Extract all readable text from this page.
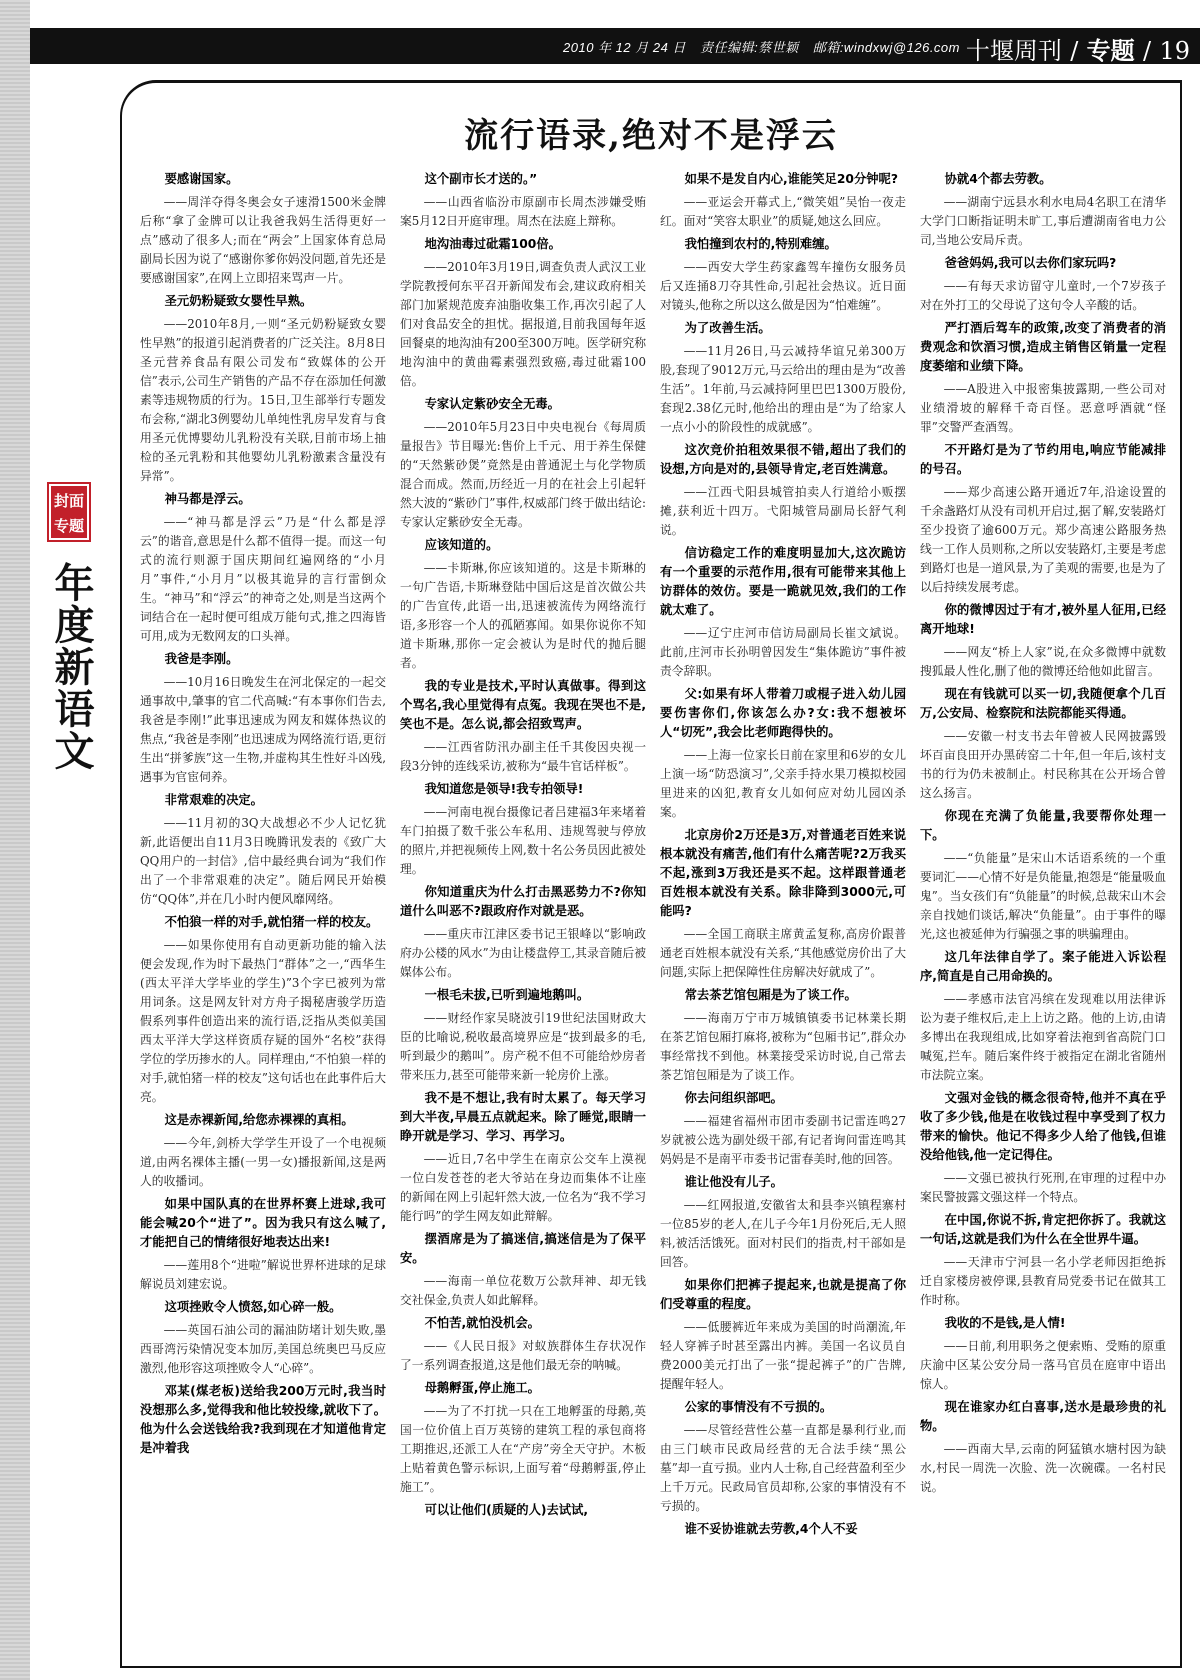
2010 年 12 月 24 日 责任编辑:蔡世颖 邮箱:windxwj@126.com 十堰周刊 / 专题 / 19
封面
专题
年度新语文
流行语录,绝对不是浮云

要感谢国家。

——周洋夺得冬奥会女子速滑1500米金牌后称“拿了金牌可以让我爸我妈生活得更好一点”感动了很多人;而在“两会”上国家体育总局副局长因为说了“感谢你爹你妈没问题,首先还是要感谢国家”,在网上立即招来骂声一片。

圣元奶粉疑致女婴性早熟。

——2010年8月,一则“圣元奶粉疑致女婴性早熟”的报道引起消费者的广泛关注。8月8日圣元营养食品有限公司发布“致媒体的公开信”表示,公司生产销售的产品不存在添加任何激素等违规物质的行为。15日,卫生部举行专题发布会称,“湖北3例婴幼儿单纯性乳房早发育与食用圣元优博婴幼儿乳粉没有关联,目前市场上抽检的圣元乳粉和其他婴幼儿乳粉激素含量没有异常”。

神马都是浮云。

——“神马都是浮云”乃是“什么都是浮云”的谐音,意思是什么都不值得一提。而这一句式的流行则源于国庆期间红遍网络的“小月月”事件,“小月月”以极其诡异的言行雷倒众生。“神马”和“浮云”的神奇之处,则是当这两个词结合在一起时便可组成万能句式,推之四海皆可用,成为无数网友的口头禅。

我爸是李刚。

——10月16日晚发生在河北保定的一起交通事故中,肇事的官二代高喊:“有本事你们告去,我爸是李刚!”此事迅速成为网友和媒体热议的焦点,“我爸是李刚”也迅速成为网络流行语,更衍生出“拼爹族”这一生物,并虚构其生性好斗凶残,遇事为官宦伺养。

非常艰难的决定。

——11月初的3Q大战想必不少人记忆犹新,此语便出自11月3日晚腾讯发表的《致广大QQ用户的一封信》,信中最经典台词为“我们作出了一个非常艰难的决定”。随后网民开始模仿“QQ体”,并在几小时内便风靡网络。

不怕狼一样的对手,就怕猪一样的校友。

——如果你使用有自动更新功能的输入法便会发现,作为时下最热门“群体”之一,“西华生(西太平洋大学毕业的学生)”3个字已被列为常用词条。这是网友针对方舟子揭秘唐骏学历造假系列事件创造出来的流行语,泛指从类似美国西太平洋大学这样资质存疑的国外“名校”获得学位的学历掺水的人。同样理由,“不怕狼一样的对手,就怕猪一样的校友”这句话也在此事件后大亮。

这是赤裸新闻,给您赤裸裸的真相。

——今年,剑桥大学学生开设了一个电视频道,由两名裸体主播(一男一女)播报新闻,这是两人的收播词。

如果中国队真的在世界杯赛上进球,我可能会喊20个“进了”。因为我只有这么喊了,才能把自己的情绪很好地表达出来!

——莲用8个“进啦”解说世界杯进球的足球解说员刘建宏说。

这项挫败令人愤怒,如心碎一般。

——英国石油公司的漏油防堵计划失败,墨西哥湾污染情况变本加厉,美国总统奥巴马反应激烈,他形容这项挫败令人“心碎”。

邓某(煤老板)送给我200万元时,我当时没想那么多,觉得我和他比较投缘,就收下了。他为什么会送钱给我?我到现在才知道他肯定是冲着我

这个副市长才送的。”

——山西省临汾市原副市长周杰涉嫌受贿案5月12日开庭审理。周杰在法庭上辩称。

地沟油毒过砒霜100倍。

——2010年3月19日,调查负责人武汉工业学院教授何东平召开新闻发布会,建议政府相关部门加紧规范废弃油脂收集工作,再次引起了人们对食品安全的担忧。据报道,目前我国每年返回餐桌的地沟油有200至300万吨。医学研究称地沟油中的黄曲霉素强烈致癌,毒过砒霜100倍。

专家认定紫砂安全无毒。

——2010年5月23日中央电视台《每周质量报告》节目曝光:售价上千元、用于养生保健的“天然紫砂煲”竟然是由普通泥土与化学物质混合而成。然而,历经近一月的在社会上引起轩然大波的“紫砂门”事件,权威部门终于做出结论:专家认定紫砂安全无毒。

应该知道的。

——卡斯琳,你应该知道的。这是卡斯琳的一句广告语,卡斯琳登陆中国后这是首次做公共的广告宣传,此语一出,迅速被流传为网络流行语,多形容一个人的孤陋寡闻。如果你说你不知道卡斯琳,那你一定会被认为是时代的抛后腿者。

我的专业是技术,平时认真做事。得到这个骂名,我心里觉得有点冤。我现在哭也不是,笑也不是。怎么说,都会招致骂声。

——江西省防汛办副主任千其俊因央视一段3分钟的连线采访,被称为“最牛官话样板”。

我知道您是领导!我专拍领导!

——河南电视台摄像记者吕建福3年来堵着车门拍摄了数千张公车私用、违规驾驶与停放的照片,并把视频传上网,数十名公务员因此被处理。

你知道重庆为什么打击黑恶势力不?你知道什么叫恶不?跟政府作对就是恶。

——重庆市江津区委书记王银峰以“影响政府办公楼的风水”为由让楼盘停工,其录音随后被媒体公布。

一根毛未拔,已听到遍地鹅叫。

——财经作家吴晓波引19世纪法国财政大臣的比喻说,税收最高境界应是“拔到最多的毛,听到最少的鹅叫”。房产税不但不可能给炒房者带来压力,甚至可能带来新一轮房价上涨。

我不是不想让,我有时太累了。每天学习到大半夜,早晨五点就起来。除了睡觉,眼睛一睁开就是学习、学习、再学习。

——近日,7名中学生在南京公交车上漠视一位白发苍苍的老大爷站在身边而集体不让座的新闻在网上引起轩然大波,一位名为“我不学习能行吗”的学生网友如此辩解。

摆酒席是为了搞迷信,搞迷信是为了保平安。

——海南一单位花数万公款拜神、却无钱交社保金,负责人如此解释。

不怕苦,就怕没机会。

——《人民日报》对蚁族群体生存状况作了一系列调查报道,这是他们最无奈的呐喊。

母鹅孵蛋,停止施工。

——为了不打扰一只在工地孵蛋的母鹅,英国一位价值上百万英镑的建筑工程的承包商将工期推迟,还派工人在“产房”旁全天守护。木板上贴着黄色警示标识,上面写着“母鹅孵蛋,停止施工”。

可以让他们(质疑的人)去试试,

如果不是发自内心,谁能笑足20分钟呢?

——亚运会开幕式上,“微笑姐”吴怡一夜走红。面对“笑容太职业”的质疑,她这么回应。

我怕撞到农村的,特别难缠。

——西安大学生药家鑫驾车撞伤女服务员后又连捅8刀夺其性命,引起社会热议。近日面对镜头,他称之所以这么做是因为“怕难缠”。

为了改善生活。

——11月26日,马云减持华谊兄弟300万股,套现了9012万元,马云给出的理由是为“改善生活”。1年前,马云减持阿里巴巴1300万股份,套现2.38亿元时,他给出的理由是“为了给家人一点小小的阶段性的成就感”。

这次竞价拍租效果很不错,超出了我们的设想,方向是对的,县领导肯定,老百姓满意。

——江西弋阳县城管拍卖人行道给小贩摆摊,获利近十四万。弋阳城管局副局长舒气利说。

信访稳定工作的难度明显加大,这次跪访有一个重要的示范作用,很有可能带来其他上访群体的效仿。要是一跪就见效,我们的工作就太难了。

——辽宁庄河市信访局副局长崔文斌说。此前,庄河市长孙明曾因发生“集体跪访”事件被责令辞职。

父:如果有坏人带着刀或棍子进入幼儿园要伤害你们,你该怎么办?女:我不想被坏人“切死”,我会比老师跑得快的。

——上海一位家长日前在家里和6岁的女儿上演一场“防恐演习”,父亲手持水果刀模拟校园里进来的凶犯,教育女儿如何应对幼儿园凶杀案。

北京房价2万还是3万,对普通老百姓来说根本就没有痛苦,他们有什么痛苦呢?2万我买不起,涨到3万我还是买不起。这样跟普通老百姓根本就没有关系。除非降到3000元,可能吗?

——全国工商联主席黄孟复称,高房价跟普通老百姓根本就没有关系,“其他感觉房价出了大问题,实际上把保障性住房解决好就成了”。

常去茶艺馆包厢是为了谈工作。

——海南万宁市万城镇镇委书记林業长期在茶艺馆包厢打麻将,被称为“包厢书记”,群众办事经常找不到他。林業接受采访时说,自己常去茶艺馆包厢是为了谈工作。

你去问组织部吧。

——福建省福州市团市委副书记雷连鸣27岁就被公选为副处级干部,有记者询问雷连鸣其妈妈是不是南平市委书记雷春美时,他的回答。

谁让他没有儿子。

——红网报道,安徽省太和县李兴镇程寨村一位85岁的老人,在儿子今年1月份死后,无人照料,被活活饿死。面对村民们的指责,村干部如是回答。

如果你们把裤子提起来,也就是提高了你们受尊重的程度。

——低腰裤近年来成为美国的时尚潮流,年轻人穿裤子时甚至露出内裤。美国一名议员自费2000美元打出了一张“提起裤子”的广告牌,提醒年轻人。

公家的事情没有不亏损的。

——尽管经营性公墓一直都是暴利行业,而由三门峡市民政局经营的无合法手续“黑公墓”却一直亏损。业内人士称,自己经营盈利至少上千万元。民政局官员却称,公家的事情没有不亏损的。

谁不妥协谁就去劳教,4个人不妥

协就4个都去劳教。

——湖南宁远县水利水电局4名职工在清华大学门口断指证明未旷工,事后遭湖南省电力公司,当地公安局斥责。

爸爸妈妈,我可以去你们家玩吗?

——有每天求访留守儿童时,一个7岁孩子对在外打工的父母说了这句令人辛酸的话。

严打酒后驾车的政策,改变了消费者的消费观念和饮酒习惯,造成主销售区销量一定程度萎缩和业绩下降。

——A股进入中报密集披露期,一些公司对业绩滑坡的解释千奇百怪。恶意呼酒就“怪罪”交警严查酒驾。

不开路灯是为了节约用电,响应节能减排的号召。

——郑少高速公路开通近7年,沿途设置的千余盏路灯从没有司机开启过,据了解,安装路灯至少投资了逾600万元。郑少高速公路服务热线一工作人员则称,之所以安装路灯,主要是考虑到路灯也是一道风景,为了美观的需要,也是为了以后持续发展考虑。

你的微博因过于有才,被外星人征用,已经离开地球!

——网友“桥上人家”说,在众多微博中就数搜狐最人性化,删了他的微博还给他如此留言。

现在有钱就可以买一切,我随便拿个几百万,公安局、检察院和法院都能买得通。

——安徽一村支书去年曾被人民网披露毁坏百亩良田开办黑砖窑二十年,但一年后,该村支书的行为仍未被制止。村民称其在公开场合曾这么扬言。

你现在充满了负能量,我要帮你处理一下。

——“负能量”是宋山木话语系统的一个重要词汇——心情不好是负能量,抱怨是“能量吸血鬼”。当女孩们有“负能量”的时候,总裁宋山木会亲自找她们谈话,解决“负能量”。由于事件的曝光,这也被延伸为行骗强之事的哄骗理由。

这几年法律自学了。案子能进入诉讼程序,简直是自己用命换的。

——孝感市法官冯缤在发现难以用法律诉讼为妻子维权后,走上上访之路。他的上访,由请多博出在我现组成,比如穿着法袍到省高院门口喊冤,拦车。随后案件终于被指定在湖北省随州市法院立案。

文强对金钱的概念很奇特,他并不真在乎收了多少钱,他是在收钱过程中享受到了权力带来的愉快。他记不得多少人给了他钱,但谁没给他钱,他一定记得住。

——文强已被执行死刑,在审理的过程中办案民警披露文强这样一个特点。

在中国,你说不拆,肯定把你拆了。我就这一句话,这就是我们为什么在全世界牛逼。

——天津市宁河县一名小学老师因拒绝拆迁自家楼房被停课,县教育局党委书记在做其工作时称。

我收的不是钱,是人情!

——日前,利用职务之便索贿、受贿的原重庆渝中区某公安分局一落马官员在庭审中语出惊人。

现在谁家办红白喜事,送水是最珍贵的礼物。

——西南大旱,云南的阿猛镇水塘村因为缺水,村民一周洗一次脸、洗一次碗碟。一名村民说。
